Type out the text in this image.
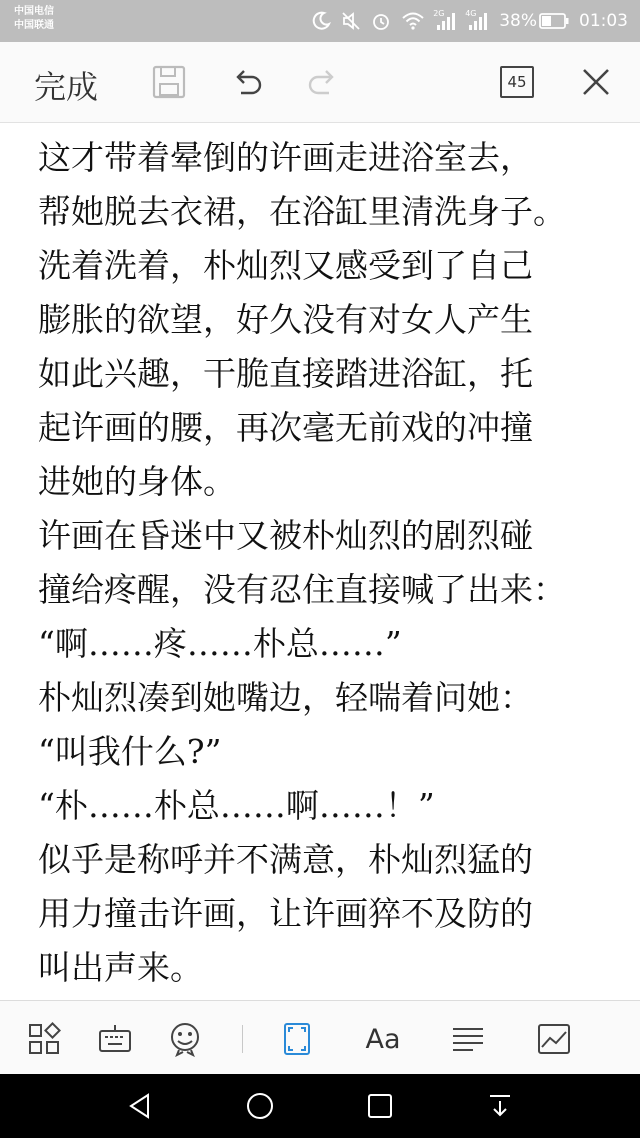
中国电信
中国联通
2G	4G 38% 01:03
完成	45
这才带着晕倒的许画走进浴室去，
帮她脱去衣裙，在浴缸里清洗身子。
洗着洗着，朴灿烈又感受到了自己
膨胀的欲望，好久没有对女人产生
如此兴趣，干脆直接踏进浴缸，托
起许画的腰，再次毫无前戏的冲撞
进她的身体。
许画在昏迷中又被朴灿烈的剧烈碰
撞给疼醒，没有忍住直接喊了出来：
“啊……疼……朴总……”
朴灿烈凑到她嘴边，轻喘着问她：
“叫我什么?”
“朴……朴总……啊……！”
似乎是称呼并不满意，朴灿烈猛的
用力撞击许画，让许画猝不及防的
叫出声来。
Aa
